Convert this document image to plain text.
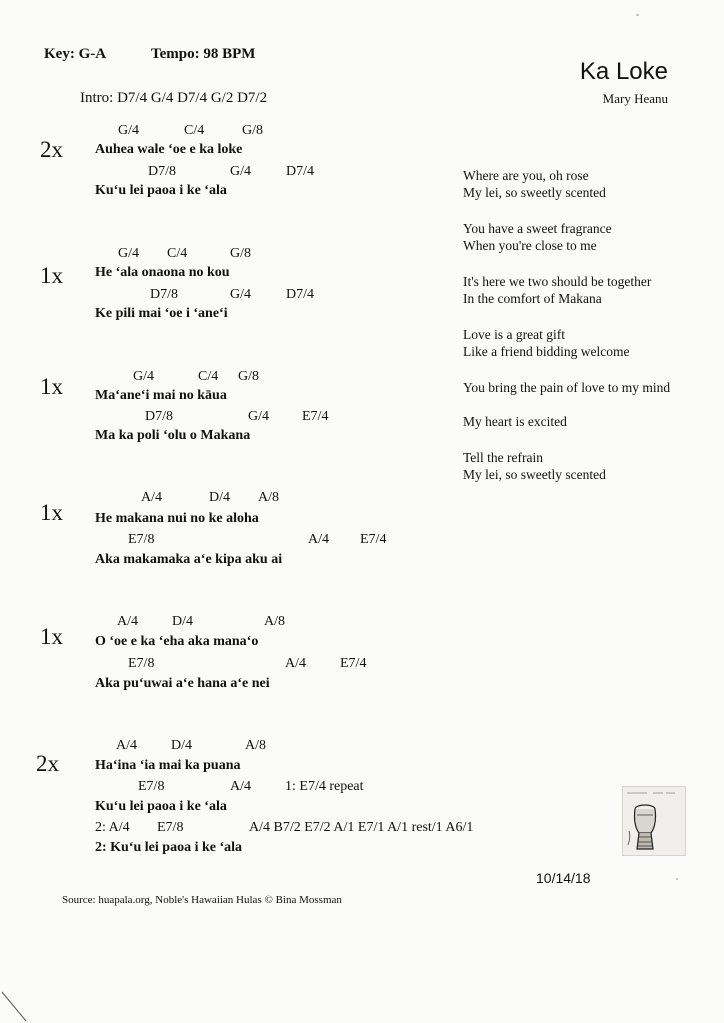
Key: G-A	Tempo: 98 BPM
Intro: D7/4 G/4 D7/4 G/2 D7/2
Ka Loke
Mary Heanu
2x
G/4	C/4	G/8
Auhea wale ‘oe e ka loke
D7/8	G/4	D7/4
Ku‘u lei paoa i ke ‘ala
1x
G/4 C/4	G/8
He ‘ala onaona no kou
D7/8	G/4	D7/4
Ke pili mai ‘oe i ‘ane‘i
1x	G/4	C/4 G/8
Ma‘ane‘i mai no kāua
D7/8	G/4 E7/4
Ma ka poli ‘olu o Makana
1x
A/4	D/4 A/8
He makana nui no ke aloha
E7/8	A/4 E7/4
Aka makamaka a‘e kipa aku ai
1x
A/4 D/4	A/8
O ‘oe e ka ‘eha aka mana‘o
E7/8	A/4 E7/4
Aka pu‘uwai a‘e hana a‘e nei
2x
A/4 D/4	A/8
Ha‘ina ‘ia mai ka puana
E7/8	A/4 1: E7/4 repeat
Ku‘u lei paoa i ke ‘ala
2: A/4 E7/8	A/4 B7/2 E7/2 A/1 E7/1 A/1 rest/1 A6/1
2: Ku‘u lei paoa i ke ‘ala
Where are you, oh rose
My lei, so sweetly scented
You have a sweet fragrance
When you're close to me
It's here we two should be together
In the comfort of Makana
Love is a great gift
Like a friend bidding welcome
You bring the pain of love to my mind
My heart is excited
Tell the refrain
My lei, so sweetly scented
10/14/18
Source: huapala.org, Noble's Hawaiian Hulas © Bina Mossman
